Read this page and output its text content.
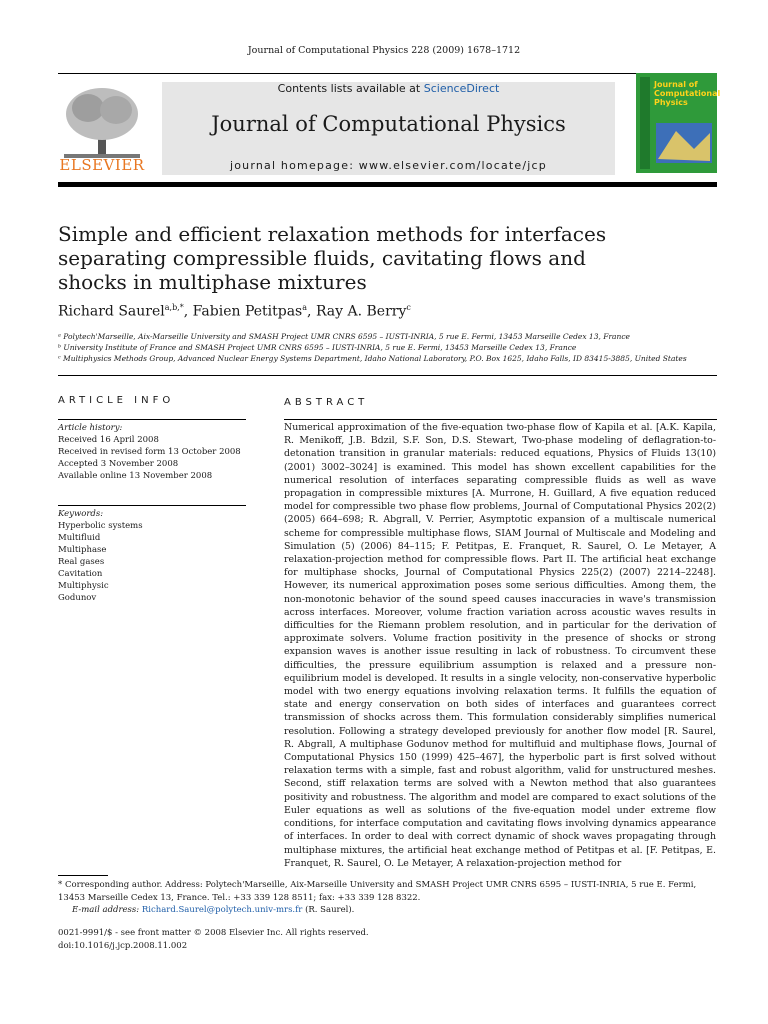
Journal of Computational Physics 228 (2009) 1678–1712
ELSEVIER
Contents lists available at ScienceDirect
Journal of Computational Physics
journal homepage: www.elsevier.com/locate/jcp
Journal of Computational Physics
Simple and efficient relaxation methods for interfaces
separating compressible fluids, cavitating flows and
shocks in multiphase mixtures
Richard Saurel$^{a,b,*}$, Fabien Petitpas$^a$, Ray A. Berry$^c$
ᵃ Polytech'Marseille, Aix-Marseille University and SMASH Project UMR CNRS 6595 – IUSTI-INRIA, 5 rue E. Fermi, 13453 Marseille Cedex 13, France
ᵇ University Institute of France and SMASH Project UMR CNRS 6595 – IUSTI-INRIA, 5 rue E. Fermi, 13453 Marseille Cedex 13, France
ᶜ Multiphysics Methods Group, Advanced Nuclear Energy Systems Department, Idaho National Laboratory, P.O. Box 1625, Idaho Falls, ID 83415-3885, United States
ARTICLE INFO
Article history:
Received 16 April 2008
Received in revised form 13 October 2008
Accepted 3 November 2008
Available online 13 November 2008
Keywords:
Hyperbolic systems
Multifluid
Multiphase
Real gases
Cavitation
Multiphysic
Godunov
ABSTRACT
Numerical approximation of the five-equation two-phase flow of Kapila et al. [A.K. Kapila, R. Menikoff, J.B. Bdzil, S.F. Son, D.S. Stewart, Two-phase modeling of deflagration-to-detonation transition in granular materials: reduced equations, Physics of Fluids 13(10) (2001) 3002–3024] is examined. This model has shown excellent capabilities for the numerical resolution of interfaces separating compressible fluids as well as wave propagation in compressible mixtures [A. Murrone, H. Guillard, A five equation reduced model for compressible two phase flow problems, Journal of Computational Physics 202(2) (2005) 664–698; R. Abgrall, V. Perrier, Asymptotic expansion of a multiscale numerical scheme for compressible multiphase flows, SIAM Journal of Multiscale and Modeling and Simulation (5) (2006) 84–115; F. Petitpas, E. Franquet, R. Saurel, O. Le Metayer, A relaxation-projection method for compressible flows. Part II. The artificial heat exchange for multiphase shocks, Journal of Computational Physics 225(2) (2007) 2214–2248]. However, its numerical approximation poses some serious difficulties. Among them, the non-monotonic behavior of the sound speed causes inaccuracies in wave's transmission across interfaces. Moreover, volume fraction variation across acoustic waves results in difficulties for the Riemann problem resolution, and in particular for the derivation of approximate solvers. Volume fraction positivity in the presence of shocks or strong expansion waves is another issue resulting in lack of robustness. To circumvent these difficulties, the pressure equilibrium assumption is relaxed and a pressure non-equilibrium model is developed. It results in a single velocity, non-conservative hyperbolic model with two energy equations involving relaxation terms. It fulfills the equation of state and energy conservation on both sides of interfaces and guarantees correct transmission of shocks across them. This formulation considerably simplifies numerical resolution. Following a strategy developed previously for another flow model [R. Saurel, R. Abgrall, A multiphase Godunov method for multifluid and multiphase flows, Journal of Computational Physics 150 (1999) 425–467], the hyperbolic part is first solved without relaxation terms with a simple, fast and robust algorithm, valid for unstructured meshes. Second, stiff relaxation terms are solved with a Newton method that also guarantees positivity and robustness. The algorithm and model are compared to exact solutions of the Euler equations as well as solutions of the five-equation model under extreme flow conditions, for interface computation and cavitating flows involving dynamics appearance of interfaces. In order to deal with correct dynamic of shock waves propagating through multiphase mixtures, the artificial heat exchange method of Petitpas et al. [F. Petitpas, E. Franquet, R. Saurel, O. Le Metayer, A relaxation-projection method for
* Corresponding author. Address: Polytech'Marseille, Aix-Marseille University and SMASH Project UMR CNRS 6595 – IUSTI-INRIA, 5 rue E. Fermi, 13453 Marseille Cedex 13, France. Tel.: +33 339 128 8511; fax: +33 339 128 8322.
E-mail address: Richard.Saurel@polytech.univ-mrs.fr (R. Saurel).
0021-9991/$ - see front matter © 2008 Elsevier Inc. All rights reserved.
doi:10.1016/j.jcp.2008.11.002
